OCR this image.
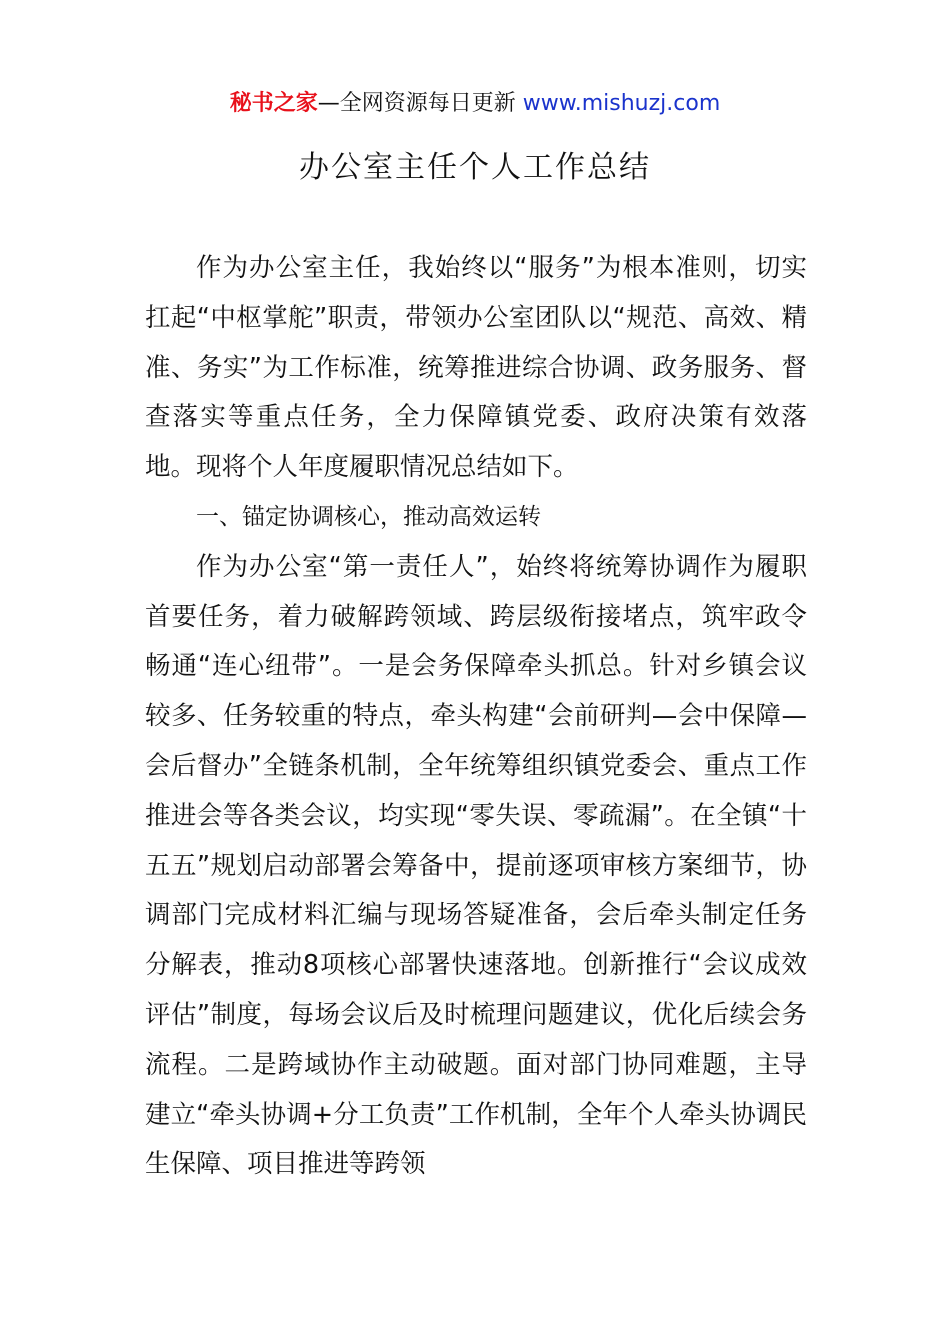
秘书之家—全网资源每日更新 www.mishuzj.com
办公室主任个人工作总结

作为办公室主任，我始终以“服务”为根本准则，切实扛起“中枢掌舵”职责，带领办公室团队以“规范、高效、精准、务实”为工作标准，统筹推进综合协调、政务服务、督查落实等重点任务，全力保障镇党委、政府决策有效落地。现将个人年度履职情况总结如下。

一、锚定协调核心，推动高效运转

作为办公室“第一责任人”，始终将统筹协调作为履职首要任务，着力破解跨领域、跨层级衔接堵点，筑牢政令畅通“连心纽带”。一是会务保障牵头抓总。针对乡镇会议较多、任务较重的特点，牵头构建“会前研判—会中保障—会后督办”全链条机制，全年统筹组织镇党委会、重点工作推进会等各类会议，均实现“零失误、零疏漏”。在全镇“十五五”规划启动部署会筹备中，提前逐项审核方案细节，协调部门完成材料汇编与现场答疑准备，会后牵头制定任务分解表，推动8项核心部署快速落地。创新推行“会议成效评估”制度，每场会议后及时梳理问题建议，优化后续会务流程。二是跨域协作主动破题。面对部门协同难题，主导建立“牵头协调+分工负责”工作机制，全年个人牵头协调民生保障、项目推进等跨领
